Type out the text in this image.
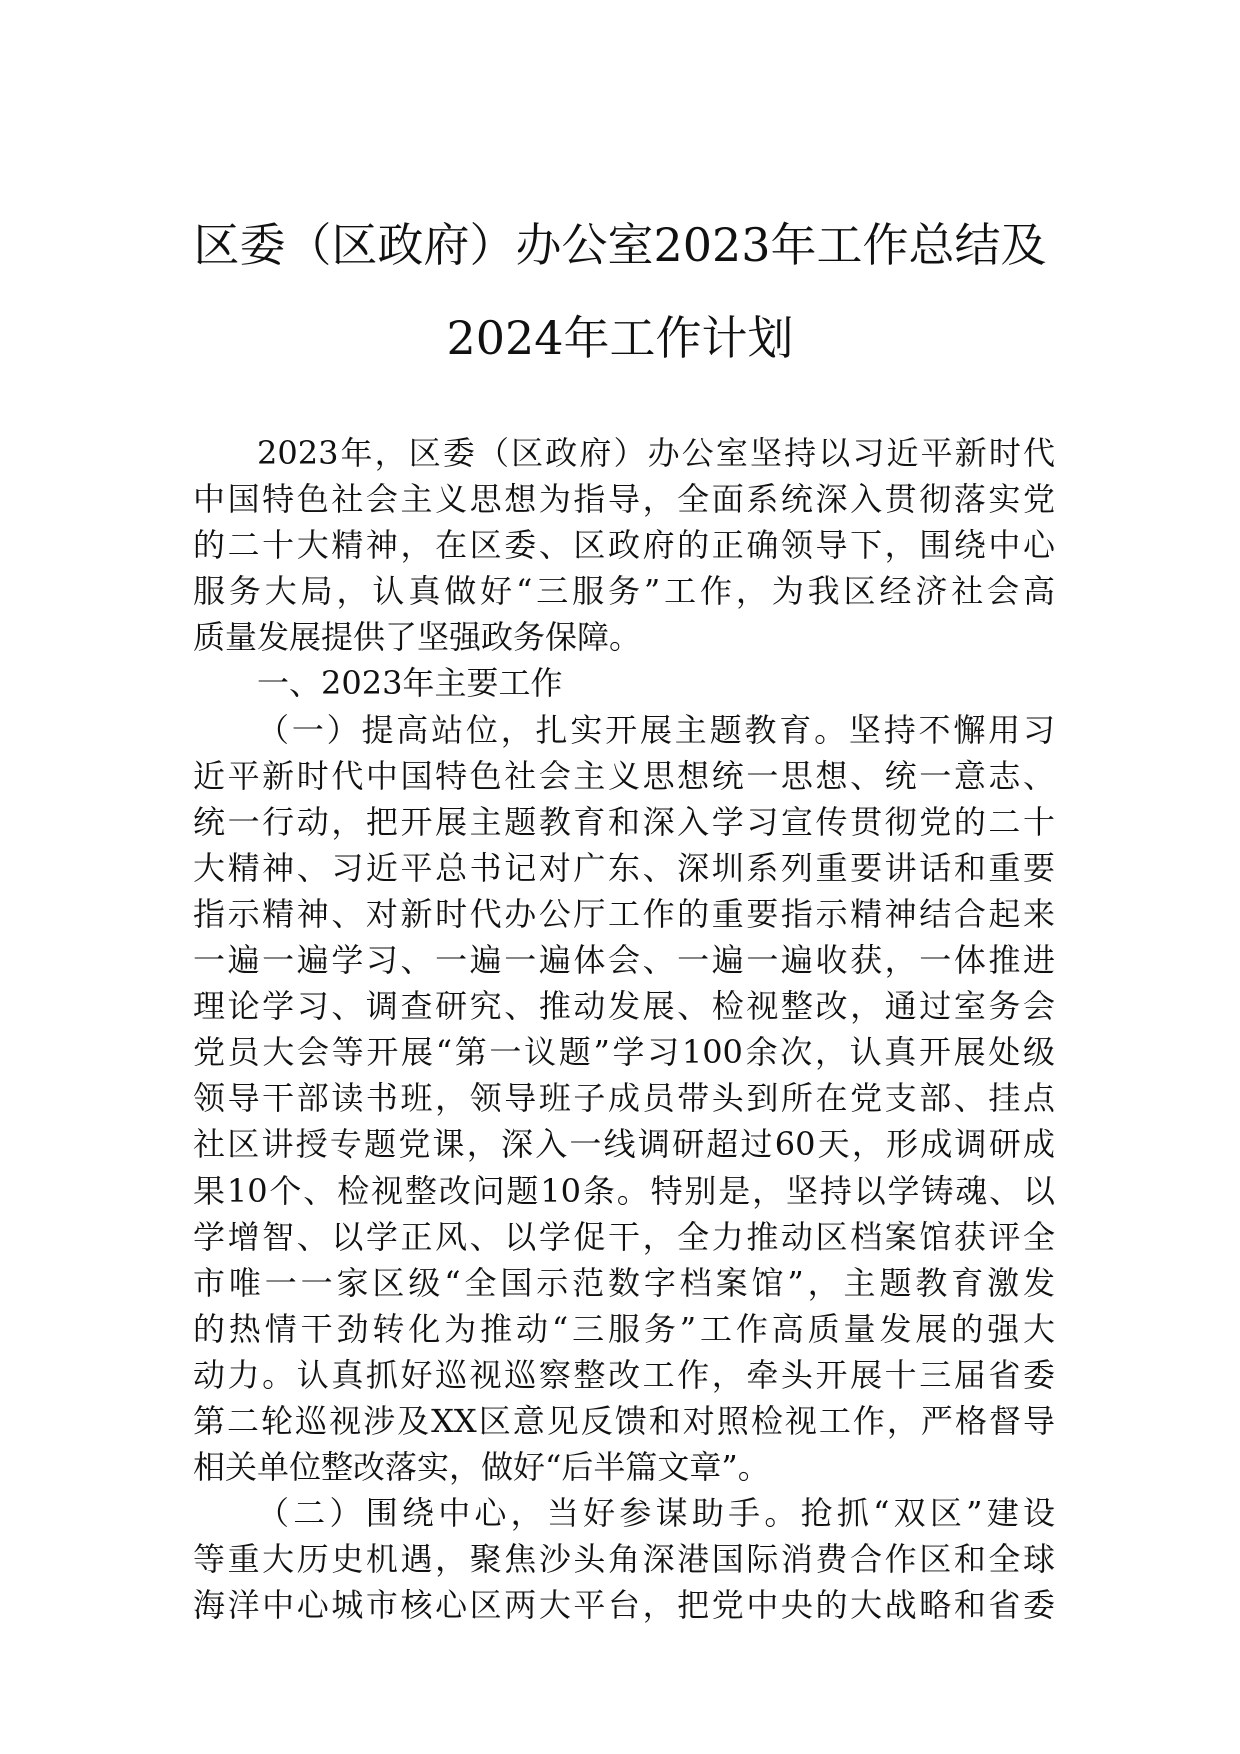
区委（区政府）办公室2023年工作总结及
2024年工作计划
2023年，区委（区政府）办公室坚持以习近平新时代
中国特色社会主义思想为指导，全面系统深入贯彻落实党
的二十大精神，在区委、区政府的正确领导下，围绕中心
服务大局，认真做好“三服务”工作，为我区经济社会高
质量发展提供了坚强政务保障。
一、2023年主要工作
（一）提高站位，扎实开展主题教育。坚持不懈用习
近平新时代中国特色社会主义思想统一思想、统一意志、
统一行动，把开展主题教育和深入学习宣传贯彻党的二十
大精神、习近平总书记对广东、深圳系列重要讲话和重要
指示精神、对新时代办公厅工作的重要指示精神结合起来
一遍一遍学习、一遍一遍体会、一遍一遍收获，一体推进
理论学习、调查研究、推动发展、检视整改，通过室务会
党员大会等开展“第一议题”学习100余次，认真开展处级
领导干部读书班，领导班子成员带头到所在党支部、挂点
社区讲授专题党课，深入一线调研超过60天，形成调研成
果10个、检视整改问题10条。特别是，坚持以学铸魂、以
学增智、以学正风、以学促干，全力推动区档案馆获评全
市唯一一家区级“全国示范数字档案馆”，主题教育激发
的热情干劲转化为推动“三服务”工作高质量发展的强大
动力。认真抓好巡视巡察整改工作，牵头开展十三届省委
第二轮巡视涉及XX区意见反馈和对照检视工作，严格督导
相关单位整改落实，做好“后半篇文章”。
（二）围绕中心，当好参谋助手。抢抓“双区”建设
等重大历史机遇，聚焦沙头角深港国际消费合作区和全球
海洋中心城市核心区两大平台，把党中央的大战略和省委
